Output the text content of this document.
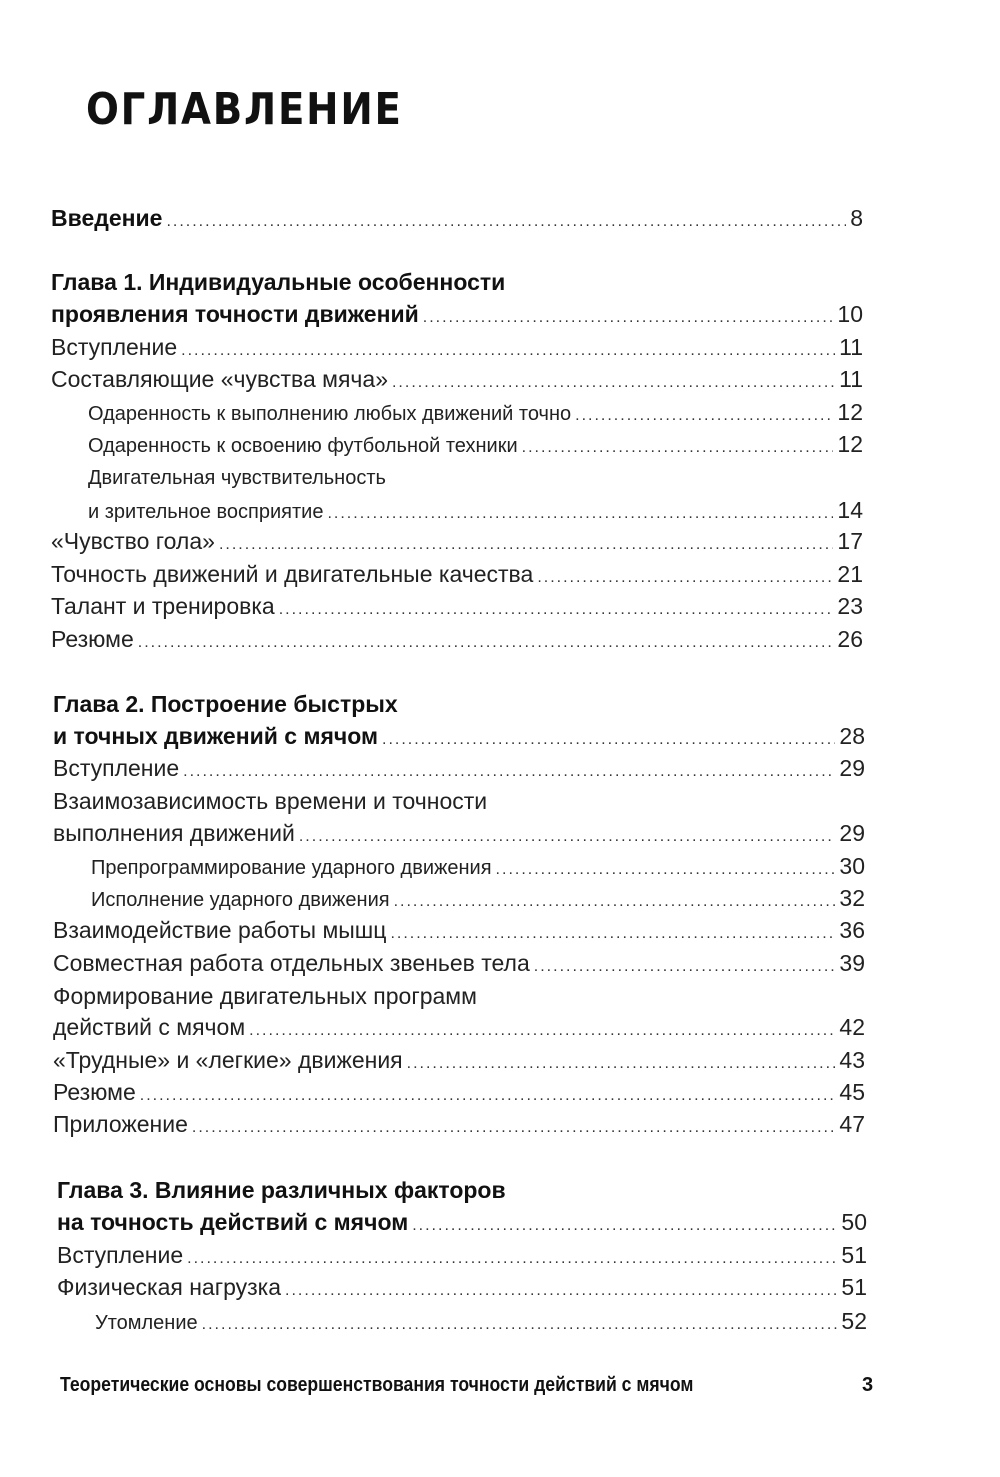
ОГЛАВЛЕНИЕ
Введение .....	8
Глава 1. Индивидуальные особенности
проявления точности движений .....	10
Вступление .....	11
Составляющие «чувства мяча» .....	11
Одаренность к выполнению любых движений точно .....	12
Одаренность к освоению футбольной техники .....	12
Двигательная чувствительность
и зрительное восприятие .....	14
«Чувство гола» .....	17
Точность движений и двигательные качества .....	21
Талант и тренировка .....	23
Резюме .....	26
Глава 2. Построение быстрых
и точных движений с мячом .....	28
Вступление .....	29
Взаимозависимость времени и точности
выполнения движений .....	29
Препрограммирование ударного движения .....	30
Исполнение ударного движения .....	32
Взаимодействие работы мышц .....	36
Совместная работа отдельных звеньев тела .....	39
Формирование двигательных программ
действий с мячом .....	42
«Трудные» и «легкие» движения .....	43
Резюме .....	45
Приложение .....	47
Глава 3. Влияние различных факторов
на точность действий с мячом .....	50
Вступление .....	51
Физическая нагрузка .....	51
Утомление .....	52
Теоретические основы совершенствования точности действий с мячом	3
